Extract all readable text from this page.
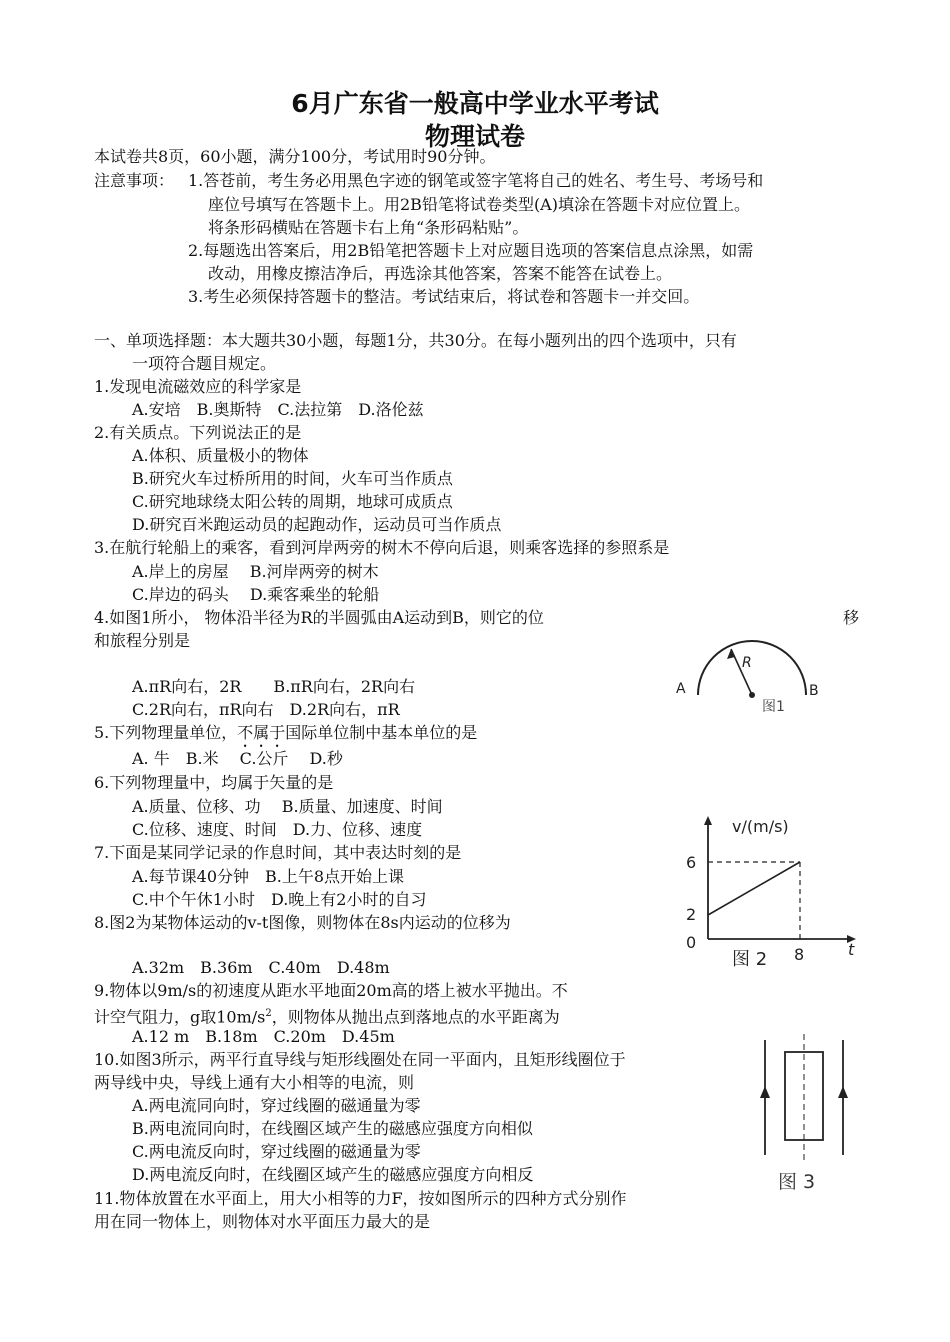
6月广东省一般高中学业水平考试
物理试卷
本试卷共8页，60小题，满分100分，考试用时90分钟。
注意事项： 1.答苍前，考生务必用黑色字迹的钢笔或签字笔将自己的姓名、考生号、考场号和
座位号填写在答题卡上。用2B铅笔将试卷类型(A)填涂在答题卡对应位置上。
将条形码横贴在答题卡右上角“条形码粘贴”。
2.每题选出答案后，用2B铅笔把答题卡上对应题目选项的答案信息点涂黑，如需
改动，用橡皮擦洁净后，再选涂其他答案，答案不能答在试卷上。
3.考生必须保持答题卡的整洁。考试结束后，将试卷和答题卡一并交回。
一、单项选择题：本大题共30小题，每题1分，共30分。在每小题列出的四个选项中，只有
一项符合题目规定。
1.发现电流磁效应的科学家是
A.安培　B.奥斯特　C.法拉第　D.洛伦兹
2.有关质点。下列说法正的是
A.体积、质量极小的物体
B.研究火车过桥所用的时间，火车可当作质点
C.研究地球绕太阳公转的周期，地球可成质点
D.研究百米跑运动员的起跑动作，运动员可当作质点
3.在航行轮船上的乘客，看到河岸两旁的树木不停向后退，则乘客选择的参照系是
A.岸上的房屋　 B.河岸两旁的树木
C.岸边的码头　 D.乘客乘坐的轮船
4.如图1所小， 物体沿半径为R的半圆弧由A运动到B，则它的位	移
和旅程分别是
A.πR向右，2R　　B.πR向右，2R向右
C.2R向右，πR向右　D.2R向右，πR
5.下列物理量单位，不属于国际单位制中基本单位的是
A. 牛　B.米　 C.公斤　 D.秒
6.下列物理量中，均属于矢量的是
A.质量、位移、功　 B.质量、加速度、时间
C.位移、速度、时间　D.力、位移、速度
7.下面是某同学记录的作息时间，其中表达时刻的是
A.每节课40分钟　B.上午8点开始上课
C.中个午休1小时　D.晚上有2小时的自习
8.图2为某物体运动的v-t图像，则物体在8s内运动的位移为
A.32m　B.36m　C.40m　D.48m
9.物体以9m/s的初速度从距水平地面20m高的塔上被水平抛出。不
计空气阻力，g取$10m/s^2$，则物体从抛出点到落地点的水平距离为
A.12 m　B.18m　C.20m　D.45m
10.如图3所示，两平行直导线与矩形线圈处在同一平面内，且矩形线圈位于
两导线中央，导线上通有大小相等的电流，则
A.两电流同向时，穿过线圈的磁通量为零
B.两电流同向时，在线圈区域产生的磁感应强度方向相似
C.两电流反向时，穿过线圈的磁通量为零
D.两电流反向时，在线圈区域产生的磁感应强度方向相反
11.物体放置在水平面上，用大小相等的力F，按如图所示的四种方式分别作
用在同一物体上，则物体对水平面压力最大的是
A	B
R
图1
v/(m/s)
t
6
2
0
8
图 2
图 3
